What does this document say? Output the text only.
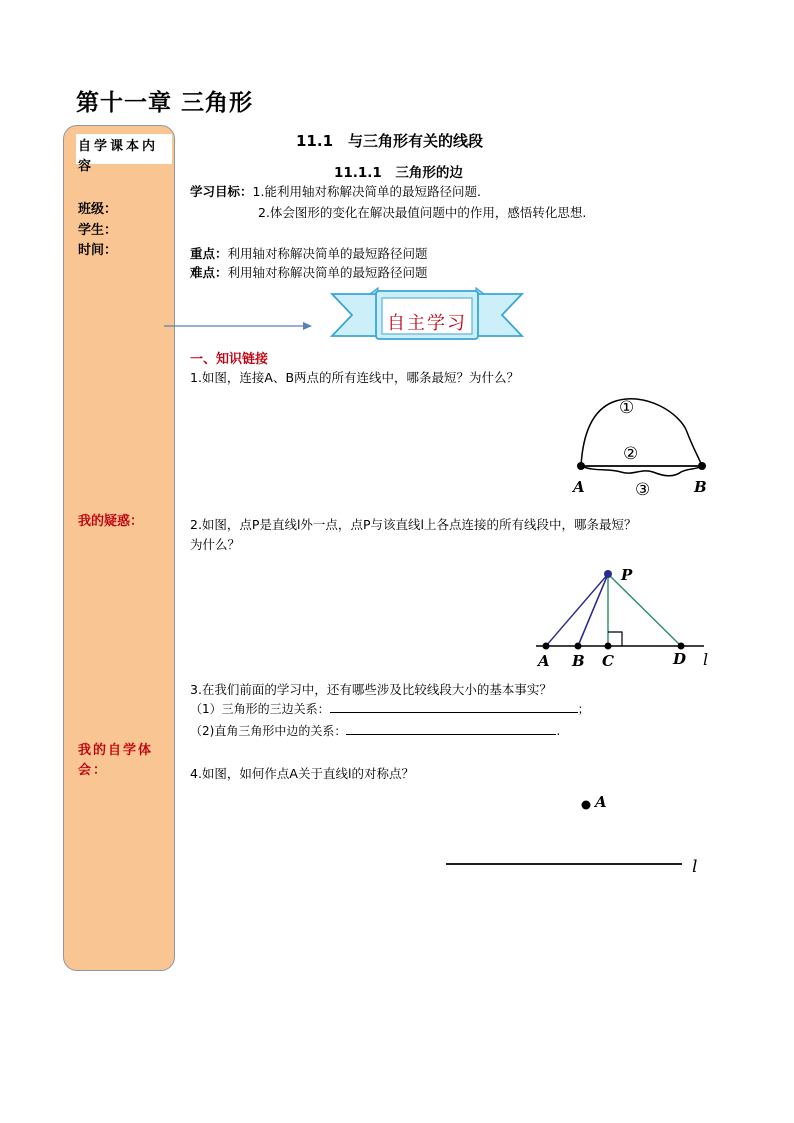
第十一章 三角形
自学课本内容
班级：
学生：
时间：
我的疑惑：
我的自学体会：
11.1　与三角形有关的线段
11.1.1　三角形的边
学习目标：1.能利用轴对称解决简单的最短路径问题.
2.体会图形的变化在解决最值问题中的作用，感悟转化思想.
重点：利用轴对称解决简单的最短路径问题
难点：利用轴对称解决简单的最短路径问题
自主学习
一、知识链接
1.如图，连接A、B两点的所有连线中，哪条最短？为什么？
A	B
①
②
③
2.如图，点P是直线l外一点，点P与该直线l上各点连接的所有线段中，哪条最短？
为什么？
P
A B C	D l
3.在我们前面的学习中，还有哪些涉及比较线段大小的基本事实？
（1）三角形的三边关系：	；
（2)直角三角形中边的关系：	.
4.如图，如何作点A关于直线l的对称点？
A
l
